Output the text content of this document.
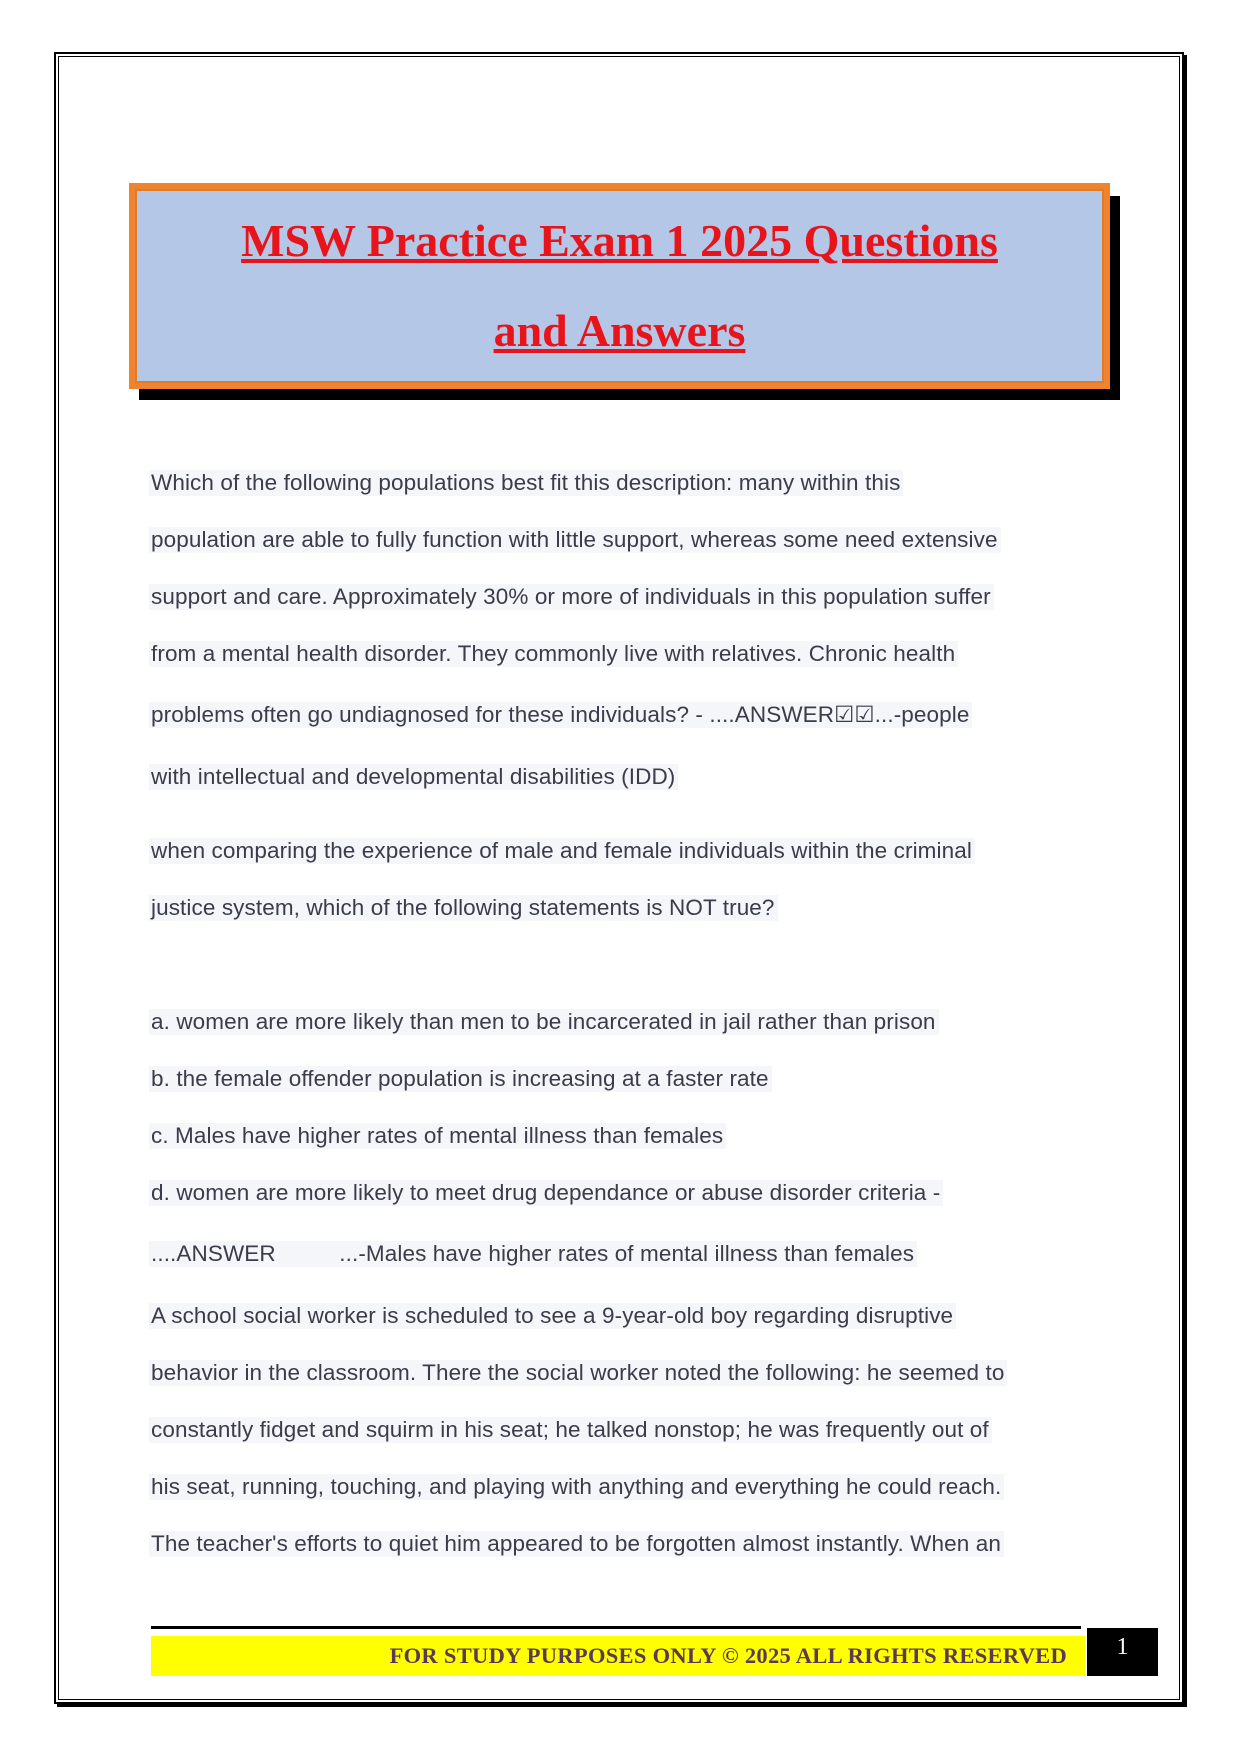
MSW Practice Exam 1 2025 Questions
and Answers
Which of the following populations best fit this description: many within this
population are able to fully function with little support, whereas some need extensive
support and care. Approximately 30% or more of individuals in this population suffer
from a mental health disorder. They commonly live with relatives. Chronic health
problems often go undiagnosed for these individuals? - ....ANSWER☑☑...-people
with intellectual and developmental disabilities (IDD)
when comparing the experience of male and female individuals within the criminal
justice system, which of the following statements is NOT true?
a. women are more likely than men to be incarcerated in jail rather than prison
b. the female offender population is increasing at a faster rate
c. Males have higher rates of mental illness than females
d. women are more likely to meet drug dependance or abuse disorder criteria -
....ANSWER          ...-Males have higher rates of mental illness than females
A school social worker is scheduled to see a 9-year-old boy regarding disruptive
behavior in the classroom. There the social worker noted the following: he seemed to
constantly fidget and squirm in his seat; he talked nonstop; he was frequently out of
his seat, running, touching, and playing with anything and everything he could reach.
The teacher's efforts to quiet him appeared to be forgotten almost instantly. When an
FOR STUDY PURPOSES ONLY © 2025 ALL RIGHTS RESERVED	1
